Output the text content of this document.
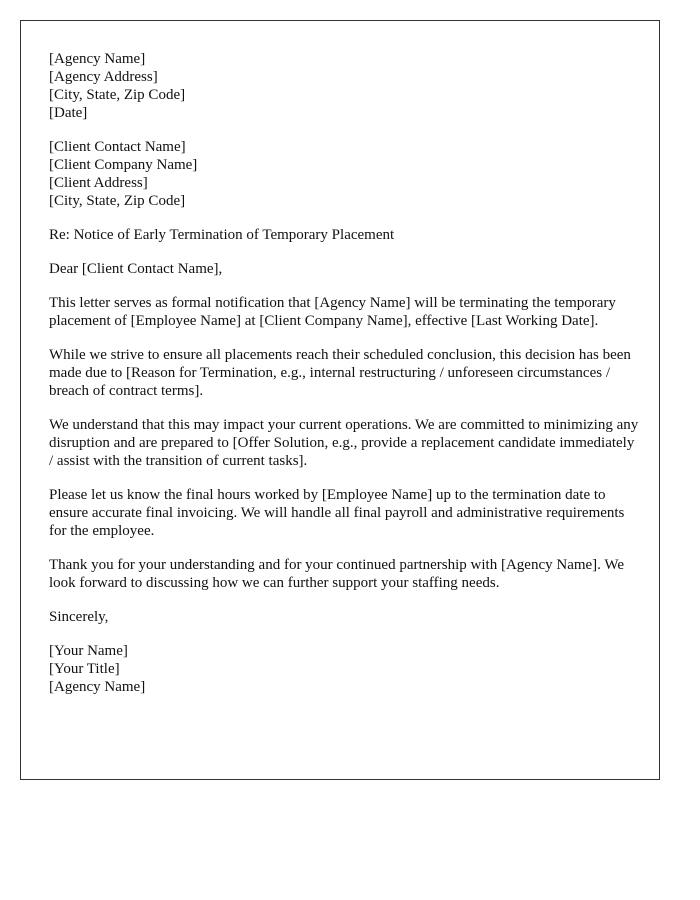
[Agency Name]
[Agency Address]
[City, State, Zip Code]
[Date]
[Client Contact Name]
[Client Company Name]
[Client Address]
[City, State, Zip Code]

Re: Notice of Early Termination of Temporary Placement

Dear [Client Contact Name],

This letter serves as formal notification that [Agency Name] will be terminating the temporary placement of [Employee Name] at [Client Company Name], effective [Last Working Date].

While we strive to ensure all placements reach their scheduled conclusion, this decision has been made due to [Reason for Termination, e.g., internal restructuring / unforeseen circumstances / breach of contract terms].

We understand that this may impact your current operations. We are committed to minimizing any disruption and are prepared to [Offer Solution, e.g., provide a replacement candidate immediately / assist with the transition of current tasks].

Please let us know the final hours worked by [Employee Name] up to the termination date to ensure accurate final invoicing. We will handle all final payroll and administrative requirements for the employee.

Thank you for your understanding and for your continued partnership with [Agency Name]. We look forward to discussing how we can further support your staffing needs.

Sincerely,

[Your Name]
[Your Title]
[Agency Name]
